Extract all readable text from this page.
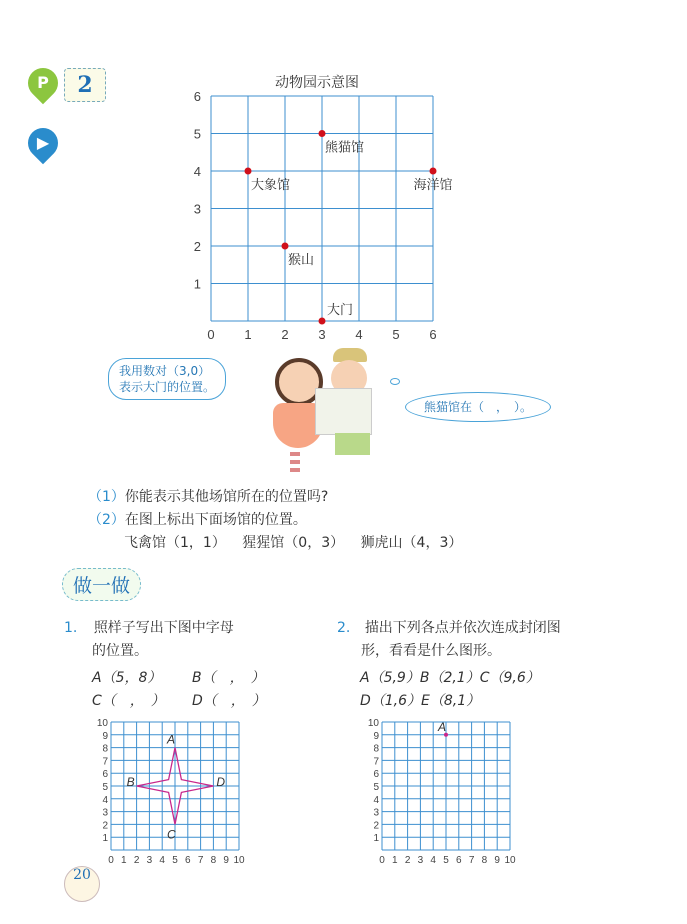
P	2
▶
动物园示意图
0 1 2 3 4 5 6
1
2
3
4
5
6
熊猫馆
大象馆	海洋馆
猴山
大门
我用数对（3,0）
表示大门的位置。
熊猫馆在（　，　）。
（1）你能表示其他场馆所在的位置吗?
（2）在图上标出下面场馆的位置。
飞禽馆（1，1） 猩猩馆（0，3） 狮虎山（4，3）
做一做
1. 照样子写出下图中字母
的位置。
A（5，8） B（　，　）
C（　，　） D（　，　）
0 1
1
2
2
3
3
4
4
5
5
6
6
7
7
8
8
9
9
10
10
A
B
C
D
2. 描出下列各点并依次连成封闭图
形，看看是什么图形。
A（5,9）B（2,1）C（9,6）
D（1,6）E（8,1）
0 1
1
2
2
3
3
4
4
5
5
6
6
7
7
8
8
9
9
10
10	A
20
